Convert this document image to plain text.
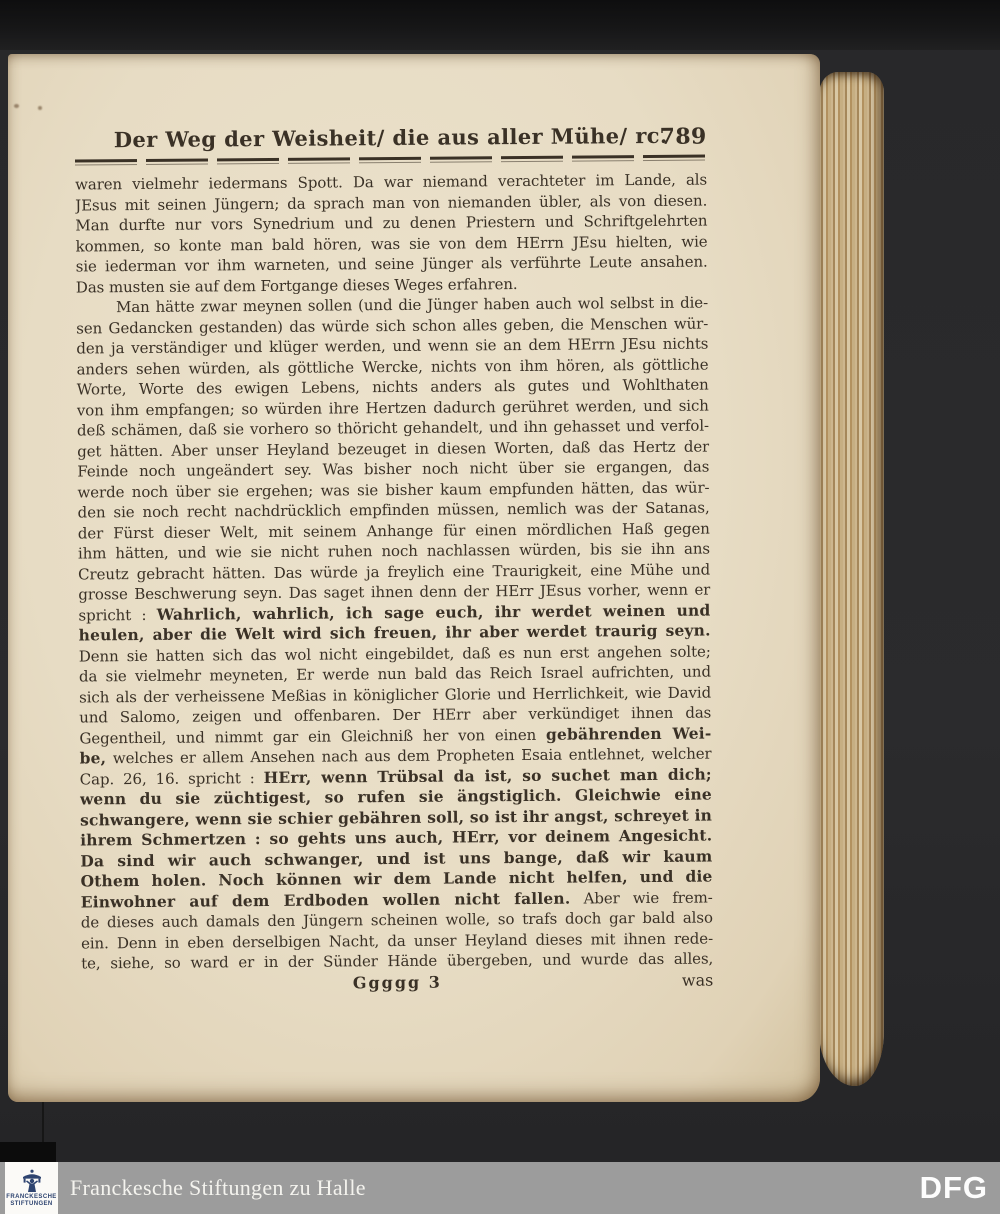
Der Weg der Weisheit/ die aus aller Mühe/ rc.
789
waren vielmehr iedermans Spott. Da war niemand verachteter im Lande, als
JEsus mit seinen Jüngern; da sprach man von niemanden übler, als von diesen.
Man durfte nur vors Synedrium und zu denen Priestern und Schriftgelehrten
kommen, so konte man bald hören, was sie von dem HErrn JEsu hielten, wie
sie iederman vor ihm warneten, und seine Jünger als verführte Leute ansahen.
Das musten sie auf dem Fortgange dieses Weges erfahren.
Man hätte zwar meynen sollen (und die Jünger haben auch wol selbst in die-
sen Gedancken gestanden) das würde sich schon alles geben, die Menschen wür-
den ja verständiger und klüger werden, und wenn sie an dem HErrn JEsu nichts
anders sehen würden, als göttliche Wercke, nichts von ihm hören, als göttliche
Worte, Worte des ewigen Lebens, nichts anders als gutes und Wohlthaten
von ihm empfangen; so würden ihre Hertzen dadurch gerühret werden, und sich
deß schämen, daß sie vorhero so thöricht gehandelt, und ihn gehasset und verfol-
get hätten. Aber unser Heyland bezeuget in diesen Worten, daß das Hertz der
Feinde noch ungeändert sey. Was bisher noch nicht über sie ergangen, das
werde noch über sie ergehen; was sie bisher kaum empfunden hätten, das wür-
den sie noch recht nachdrücklich empfinden müssen, nemlich was der Satanas,
der Fürst dieser Welt, mit seinem Anhange für einen mördlichen Haß gegen
ihm hätten, und wie sie nicht ruhen noch nachlassen würden, bis sie ihn ans
Creutz gebracht hätten. Das würde ja freylich eine Traurigkeit, eine Mühe und
grosse Beschwerung seyn. Das saget ihnen denn der HErr JEsus vorher, wenn er
spricht : Wahrlich, wahrlich, ich sage euch, ihr werdet weinen und
heulen, aber die Welt wird sich freuen, ihr aber werdet traurig seyn.
Denn sie hatten sich das wol nicht eingebildet, daß es nun erst angehen solte;
da sie vielmehr meyneten, Er werde nun bald das Reich Israel aufrichten, und
sich als der verheissene Meßias in königlicher Glorie und Herrlichkeit, wie David
und Salomo, zeigen und offenbaren. Der HErr aber verkündiget ihnen das
Gegentheil, und nimmt gar ein Gleichniß her von einen gebährenden Wei-
be, welches er allem Ansehen nach aus dem Propheten Esaia entlehnet, welcher
Cap. 26, 16. spricht : HErr, wenn Trübsal da ist, so suchet man dich;
wenn du sie züchtigest, so rufen sie ängstiglich. Gleichwie eine
schwangere, wenn sie schier gebähren soll, so ist ihr angst, schreyet in
ihrem Schmertzen : so gehts uns auch, HErr, vor deinem Angesicht.
Da sind wir auch schwanger, und ist uns bange, daß wir kaum
Othem holen. Noch können wir dem Lande nicht helfen, und die
Einwohner auf dem Erdboden wollen nicht fallen. Aber wie frem-
de dieses auch damals den Jüngern scheinen wolle, so trafs doch gar bald also
ein. Denn in eben derselbigen Nacht, da unser Heyland dieses mit ihnen rede-
te, siehe, so ward er in der Sünder Hände übergeben, und wurde das alles,
Ggggg 3	was
FRANCKESCHE
STIFTUNGEN
Franckesche Stiftungen zu Halle	DFG
